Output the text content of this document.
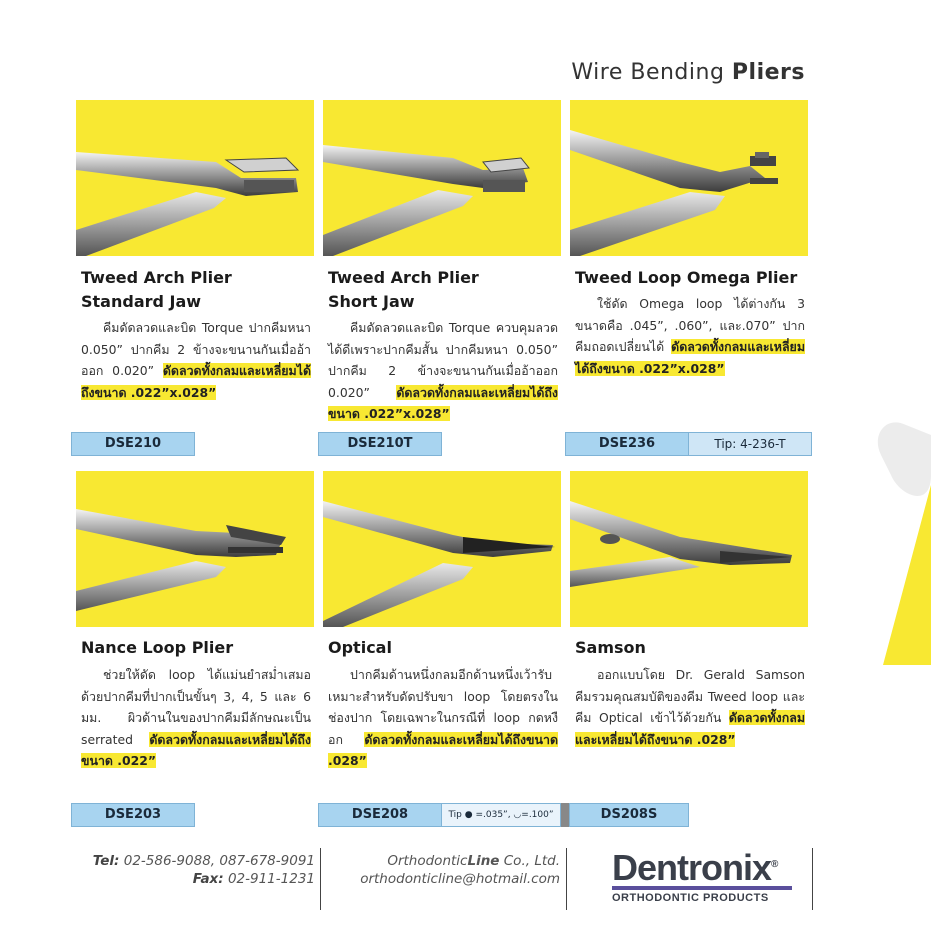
Wire Bending Pliers
Tweed Arch Plier
Standard Jaw
Tweed Arch Plier
Short Jaw
Tweed Loop Omega Plier
คีมดัดลวดและบิด Torque ปากคีมหนา 0.050” ปากคีม 2 ข้างจะขนานกันเมื่ออ้าออก 0.020” ดัดลวดทั้งกลมและเหลี่ยมได้ถึงขนาด .022”x.028”
คีมดัดลวดและบิด Torque ควบคุมลวดได้ดีเพราะปากคีมสั้น ปากคีมหนา 0.050” ปากคีม 2 ข้างจะขนานกันเมื่ออ้าออก 0.020” ดัดลวดทั้งกลมและเหลี่ยมได้ถึงขนาด .022”x.028”
ใช้ดัด Omega loop ได้ต่างกัน 3 ขนาดคือ .045”, .060”, และ.070” ปากคีมถอดเปลี่ยนได้ ดัดลวดทั้งกลมและเหลี่ยมได้ถึงขนาด .022”x.028”
DSE210	DSE210T	DSE236	Tip: 4-236-T
Nance Loop Plier	Optical	Samson
ช่วยให้ดัด loop ได้แม่นยำสม่ำเสมอ ด้วยปากคีมที่ปากเป็นขั้นๆ 3, 4, 5 และ 6 มม. ผิวด้านในของปากคีมมีลักษณะเป็น serrated ดัดลวดทั้งกลมและเหลี่ยมได้ถึงขนาด .022”
ปากคีมด้านหนึ่งกลมอีกด้านหนึ่งเว้ารับ เหมาะสำหรับดัดปรับขา loop โดยตรงในช่องปาก โดยเฉพาะในกรณีที่ loop กดหงือก ดัดลวดทั้งกลมและเหลี่ยมได้ถึงขนาด .028”
ออกแบบโดย Dr. Gerald Samson คีมรวมคุณสมบัติของคีม Tweed loop และคีม Optical เข้าไว้ด้วยกัน ดัดลวดทั้งกลมและเหลี่ยมได้ถึงขนาด .028”
DSE203	DSE208	Tip ● =.035”, ◡=.100”	DS208S
Tel: 02-586-9088, 087-678-9091
Fax: 02-911-1231
OrthodonticLine Co., Ltd.
orthodonticline@hotmail.com Dentronix®
ORTHODONTIC PRODUCTS
